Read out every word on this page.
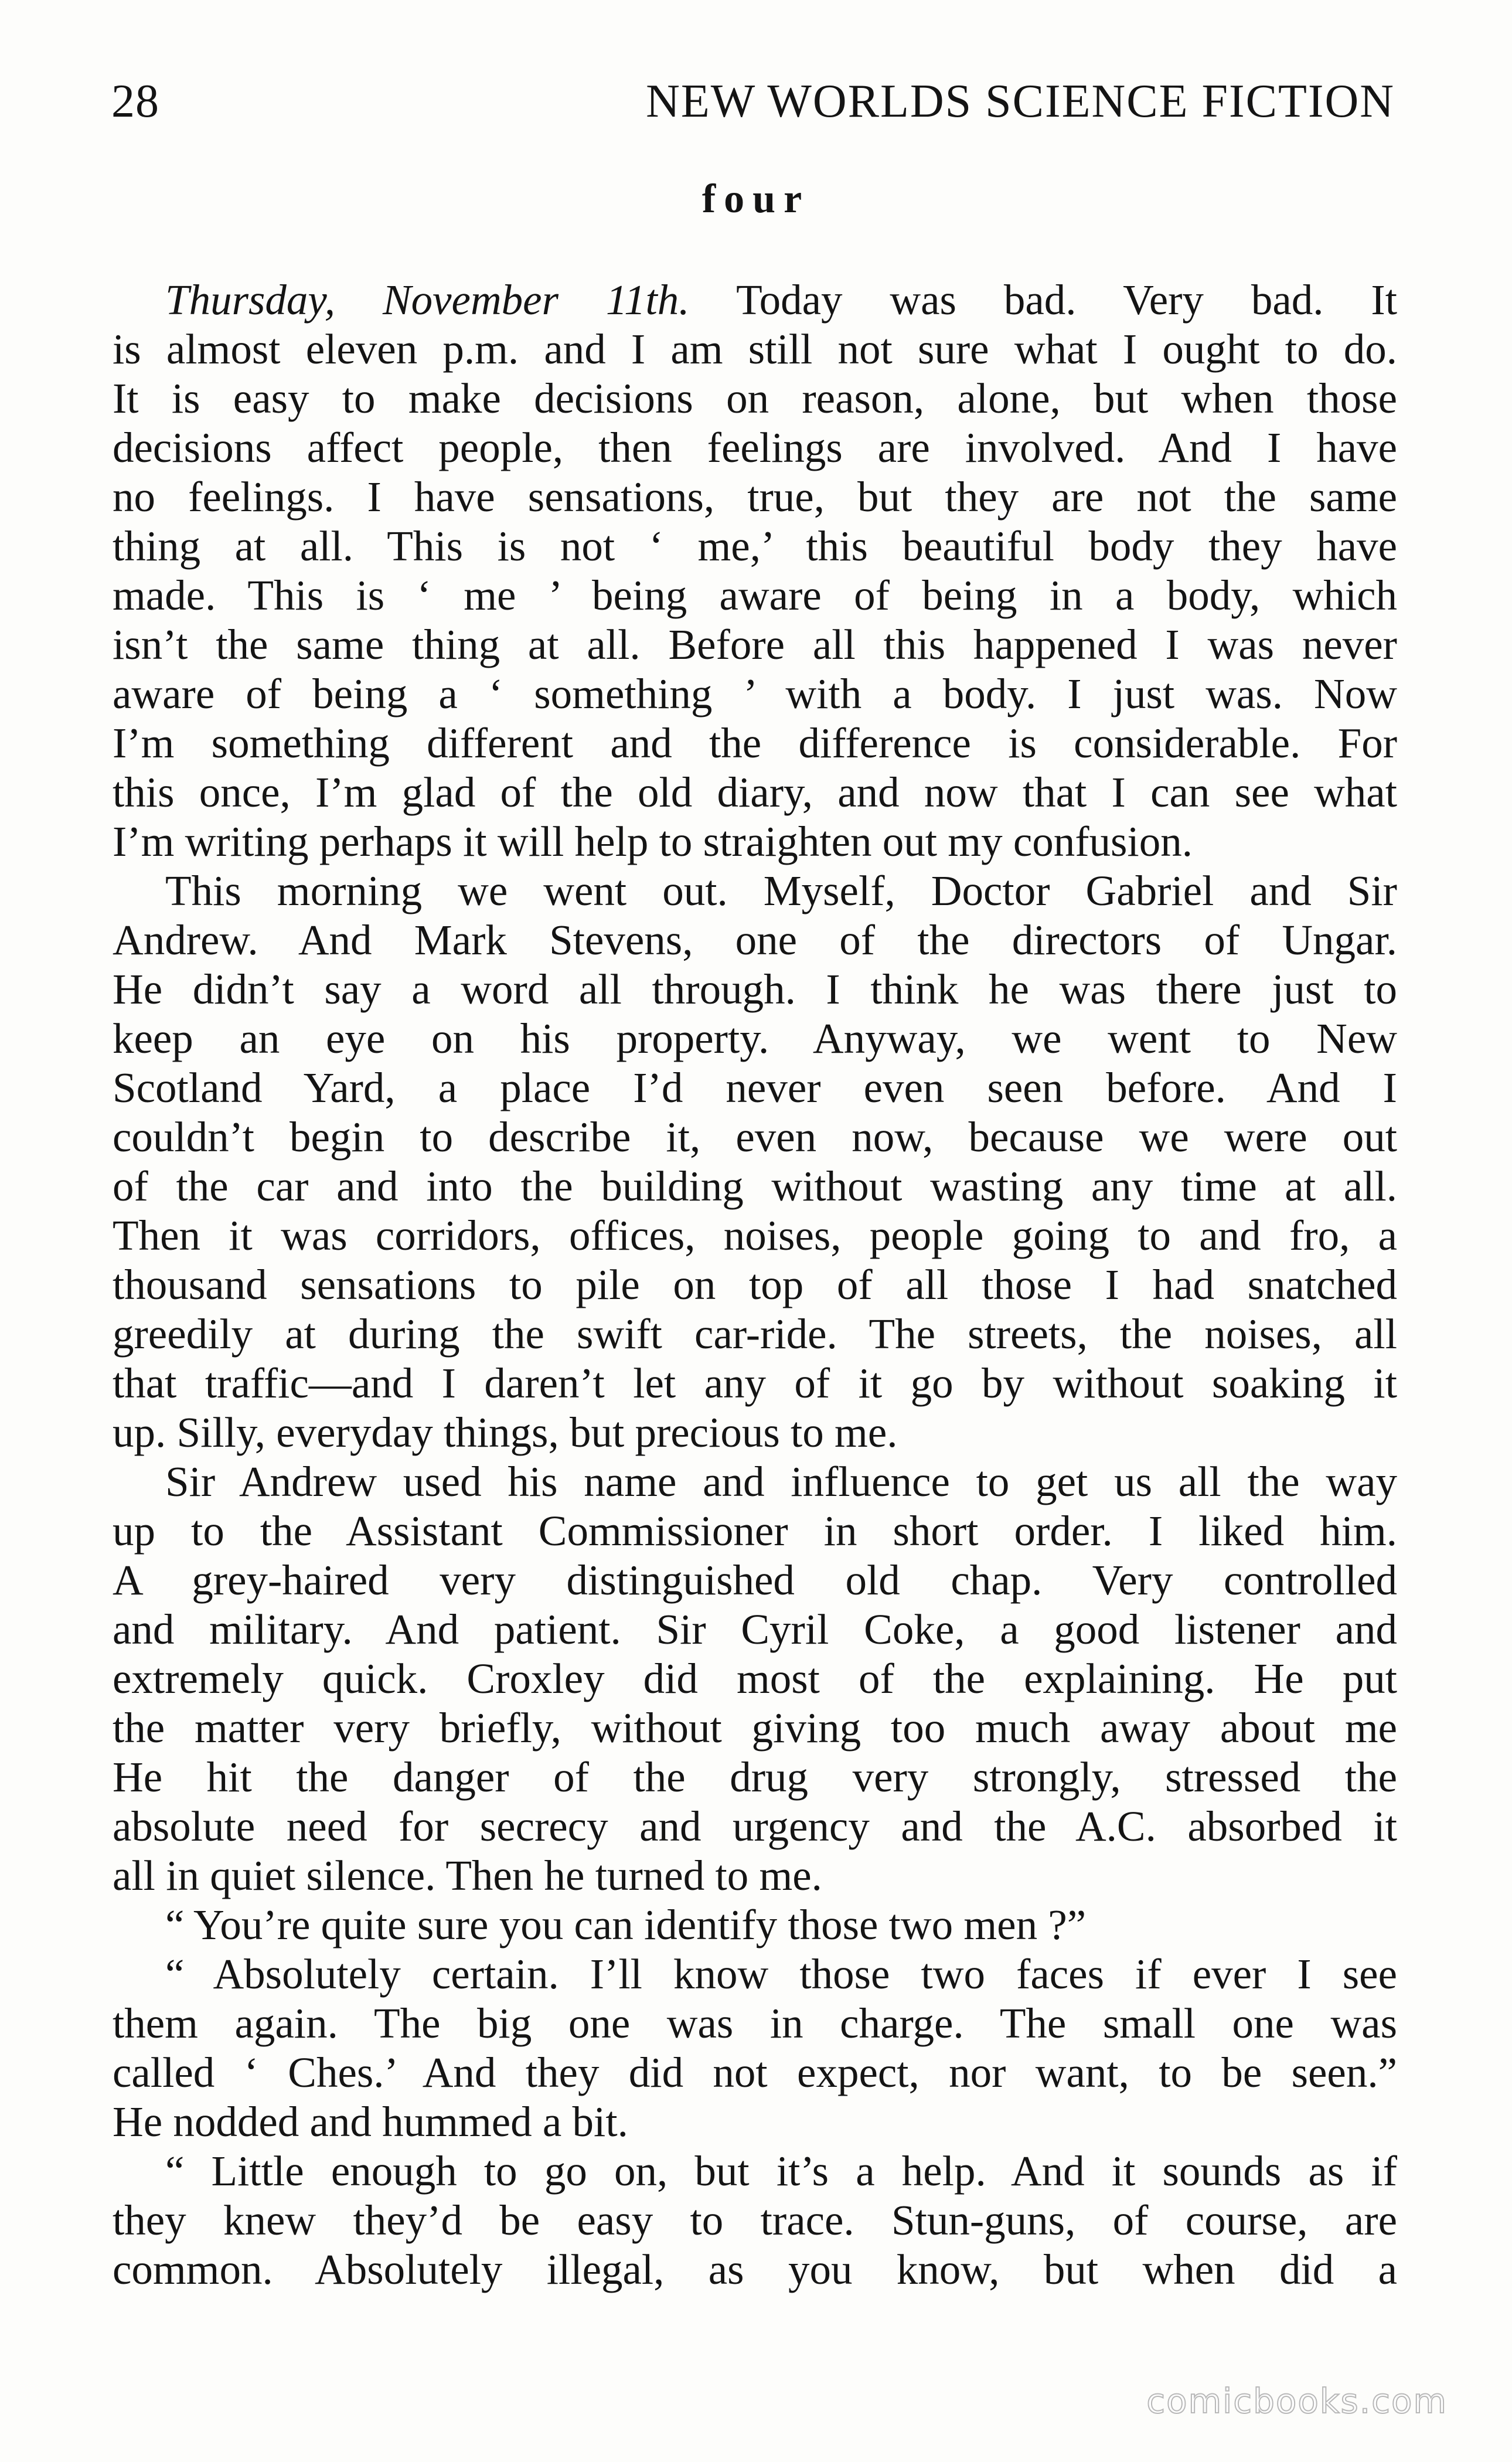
28	NEW WORLDS SCIENCE FICTION
four
Thursday, November 11th. Today was bad. Very bad. It
is almost eleven p.m. and I am still not sure what I ought to do.
It is easy to make decisions on reason, alone, but when those
decisions affect people, then feelings are involved. And I have
no feelings. I have sensations, true, but they are not the same
thing at all. This is not ‘ me,’ this beautiful body they have
made. This is ‘ me ’ being aware of being in a body, which
isn’t the same thing at all. Before all this happened I was never
aware of being a ‘ something ’ with a body. I just was. Now
I’m something different and the difference is considerable. For
this once, I’m glad of the old diary, and now that I can see what
I’m writing perhaps it will help to straighten out my confusion.
This morning we went out. Myself, Doctor Gabriel and Sir
Andrew. And Mark Stevens, one of the directors of Ungar.
He didn’t say a word all through. I think he was there just to
keep an eye on his property. Anyway, we went to New
Scotland Yard, a place I’d never even seen before. And I
couldn’t begin to describe it, even now, because we were out
of the car and into the building without wasting any time at all.
Then it was corridors, offices, noises, people going to and fro, a
thousand sensations to pile on top of all those I had snatched
greedily at during the swift car-ride. The streets, the noises, all
that traffic—and I daren’t let any of it go by without soaking it
up. Silly, everyday things, but precious to me.
Sir Andrew used his name and influence to get us all the way
up to the Assistant Commissioner in short order. I liked him.
A grey-haired very distinguished old chap. Very controlled
and military. And patient. Sir Cyril Coke, a good listener and
extremely quick. Croxley did most of the explaining. He put
the matter very briefly, without giving too much away about me
He hit the danger of the drug very strongly, stressed the
absolute need for secrecy and urgency and the A.C. absorbed it
all in quiet silence. Then he turned to me.
“ You’re quite sure you can identify those two men ?”
“ Absolutely certain. I’ll know those two faces if ever I see
them again. The big one was in charge. The small one was
called ‘ Ches.’ And they did not expect, nor want, to be seen.”
He nodded and hummed a bit.
“ Little enough to go on, but it’s a help. And it sounds as if
they knew they’d be easy to trace. Stun-guns, of course, are
common. Absolutely illegal, as you know, but when did a
comicbooks.com
